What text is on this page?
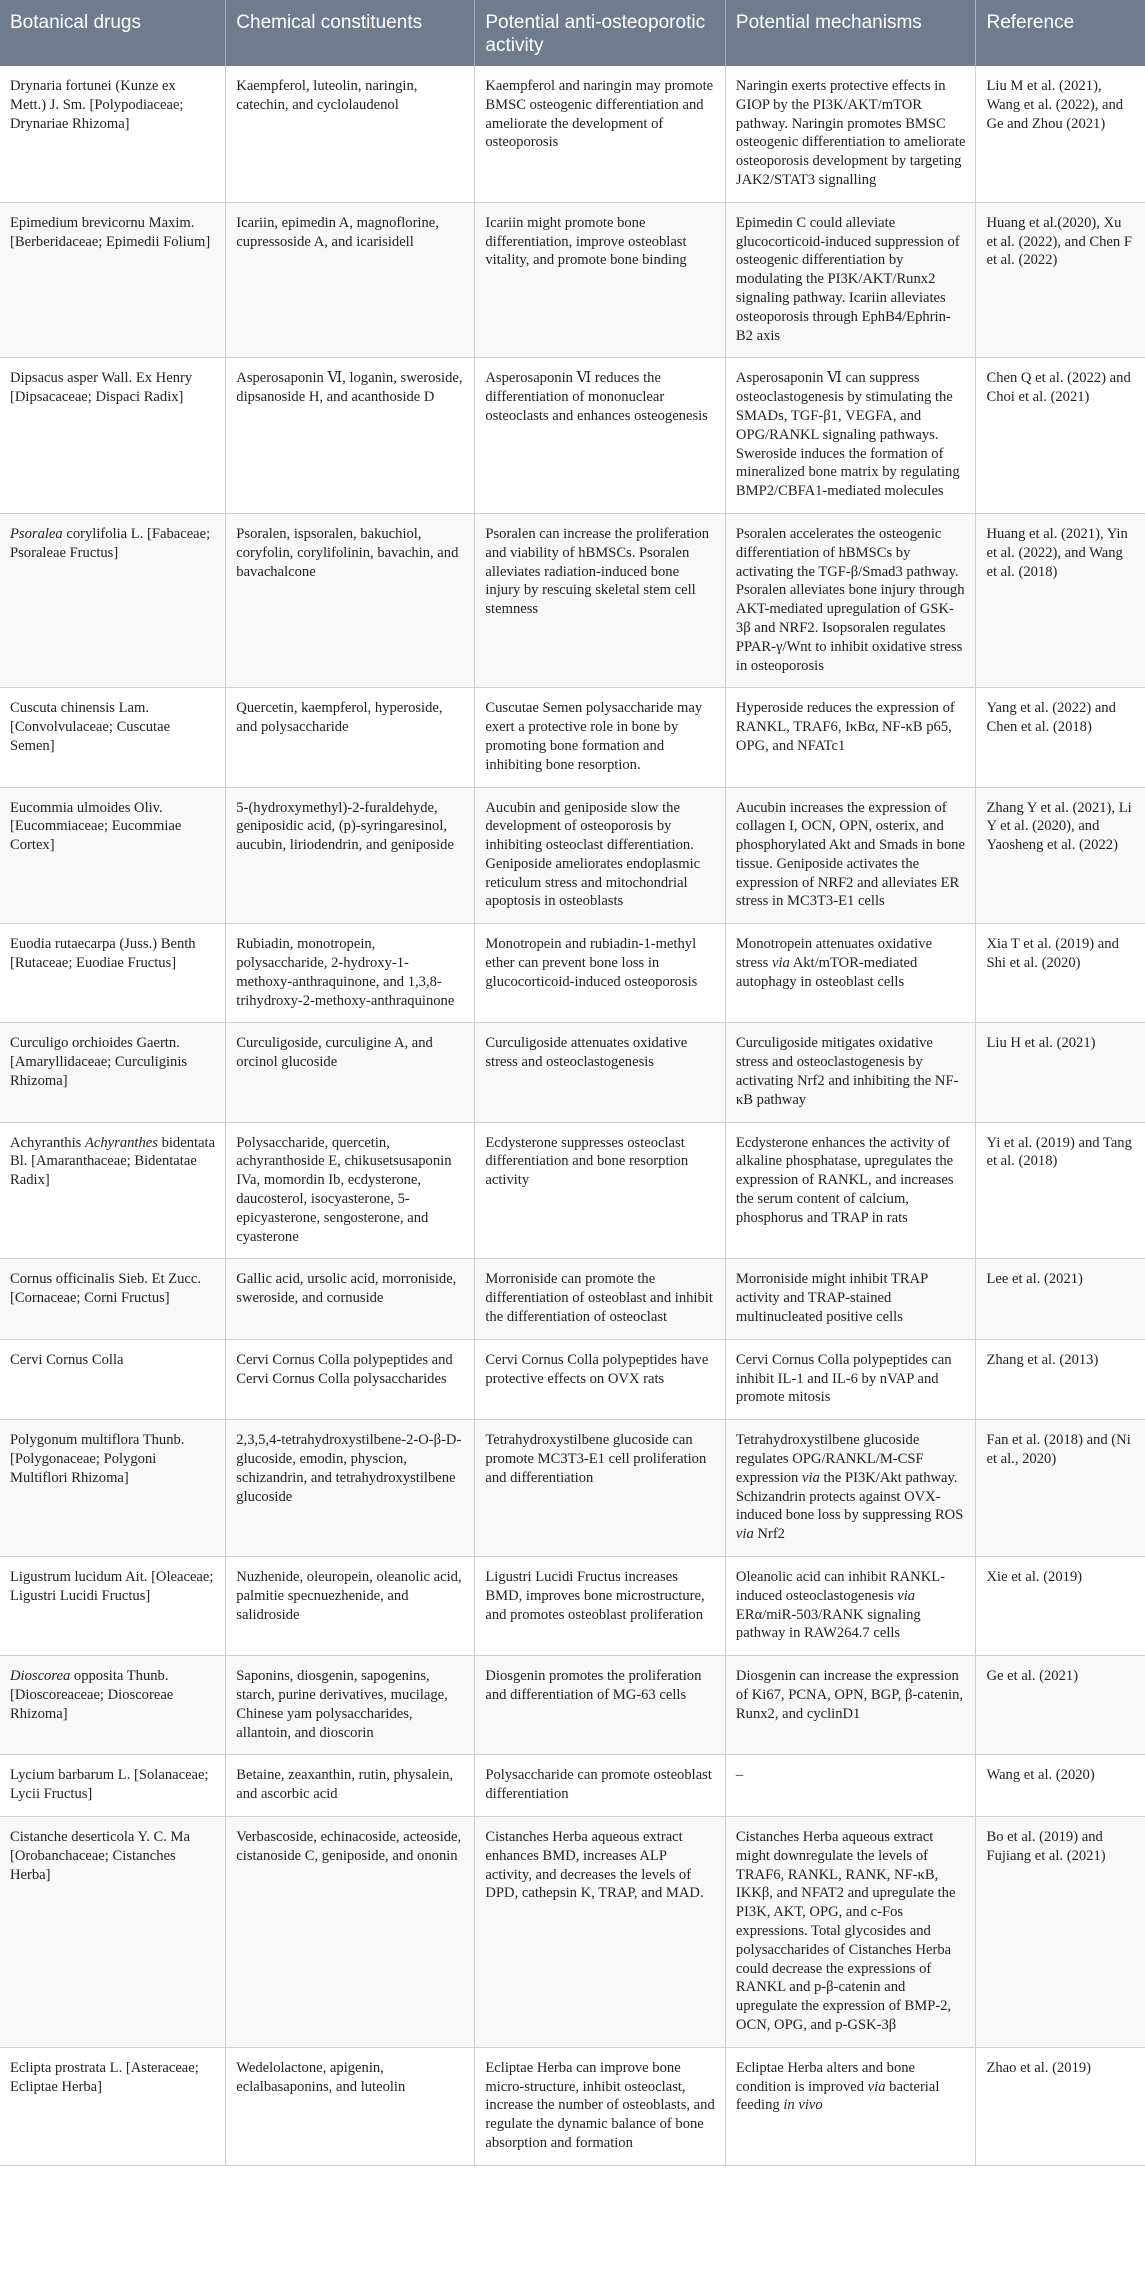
Botanical drugs	Chemical constituents	Potential anti-osteoporotic activity	Potential mechanisms	Reference
Drynaria fortunei (Kunze ex Mett.) J. Sm. [Polypodiaceae; Drynariae Rhizoma]	Kaempferol, luteolin, naringin, catechin, and cyclolaudenol	Kaempferol and naringin may promote BMSC osteogenic differentiation and ameliorate the development of osteoporosis	Naringin exerts protective effects in GIOP by the PI3K/AKT/mTOR pathway. Naringin promotes BMSC osteogenic differentiation to ameliorate osteoporosis development by targeting JAK2/STAT3 signalling	Liu M et al. (2021), Wang et al. (2022), and Ge and Zhou (2021)
Epimedium brevicornu Maxim. [Berberidaceae; Epimedii Folium]	Icariin, epimedin A, magnoflorine, cupressoside A, and icarisidell	Icariin might promote bone differentiation, improve osteoblast vitality, and promote bone binding	Epimedin C could alleviate glucocorticoid-induced suppression of osteogenic differentiation by modulating the PI3K/AKT/Runx2 signaling pathway. Icariin alleviates osteoporosis through EphB4/Ephrin-B2 axis	Huang et al.(2020), Xu et al. (2022), and Chen F et al. (2022)
Dipsacus asper Wall. Ex Henry [Dipsacaceae; Dispaci Radix]	Asperosaponin Ⅵ, loganin, sweroside, dipsanoside H, and acanthoside D	Asperosaponin Ⅵ reduces the differentiation of mononuclear osteoclasts and enhances osteogenesis	Asperosaponin Ⅵ can suppress osteoclastogenesis by stimulating the SMADs, TGF-β1, VEGFA, and OPG/RANKL signaling pathways. Sweroside induces the formation of mineralized bone matrix by regulating BMP2/CBFA1-mediated molecules	Chen Q et al. (2022) and Choi et al. (2021)
Psoralea corylifolia L. [Fabaceae; Psoraleae Fructus]	Psoralen, ispsoralen, bakuchiol, coryfolin, corylifolinin, bavachin, and bavachalcone	Psoralen can increase the proliferation and viability of hBMSCs. Psoralen alleviates radiation-induced bone injury by rescuing skeletal stem cell stemness	Psoralen accelerates the osteogenic differentiation of hBMSCs by activating the TGF-β/Smad3 pathway. Psoralen alleviates bone injury through AKT-mediated upregulation of GSK-3β and NRF2. Isopsoralen regulates PPAR-γ/Wnt to inhibit oxidative stress in osteoporosis	Huang et al. (2021), Yin et al. (2022), and Wang et al. (2018)
Cuscuta chinensis Lam. [Convolvulaceae; Cuscutae Semen]	Quercetin, kaempferol, hyperoside, and polysaccharide	Cuscutae Semen polysaccharide may exert a protective role in bone by promoting bone formation and inhibiting bone resorption.	Hyperoside reduces the expression of RANKL, TRAF6, IκBα, NF-κB p65, OPG, and NFATc1	Yang et al. (2022) and Chen et al. (2018)
Eucommia ulmoides Oliv. [Eucommiaceae; Eucommiae Cortex]	5-(hydroxymethyl)-2-furaldehyde, geniposidic acid, (p)-syringaresinol, aucubin, liriodendrin, and geniposide	Aucubin and geniposide slow the development of osteoporosis by inhibiting osteoclast differentiation. Geniposide ameliorates endoplasmic reticulum stress and mitochondrial apoptosis in osteoblasts	Aucubin increases the expression of collagen I, OCN, OPN, osterix, and phosphorylated Akt and Smads in bone tissue. Geniposide activates the expression of NRF2 and alleviates ER stress in MC3T3-E1 cells	Zhang Y et al. (2021), Li Y et al. (2020), and Yaosheng et al. (2022)
Euodia rutaecarpa (Juss.) Benth [Rutaceae; Euodiae Fructus]	Rubiadin, monotropein, polysaccharide, 2-hydroxy-1-methoxy-anthraquinone, and 1,3,8-trihydroxy-2-methoxy-anthraquinone	Monotropein and rubiadin-1-methyl ether can prevent bone loss in glucocorticoid-induced osteoporosis	Monotropein attenuates oxidative stress via Akt/mTOR-mediated autophagy in osteoblast cells	Xia T et al. (2019) and Shi et al. (2020)
Curculigo orchioides Gaertn. [Amaryllidaceae; Curculiginis Rhizoma]	Curculigoside, curculigine A, and orcinol glucoside	Curculigoside attenuates oxidative stress and osteoclastogenesis	Curculigoside mitigates oxidative stress and osteoclastogenesis by activating Nrf2 and inhibiting the NF-κB pathway	Liu H et al. (2021)
Achyranthis Achyranthes bidentata Bl. [Amaranthaceae; Bidentatae Radix]	Polysaccharide, quercetin, achyranthoside E, chikusetsusaponin IVa, momordin Ib, ecdysterone, daucosterol, isocyasterone, 5-epicyasterone, sengosterone, and cyasterone	Ecdysterone suppresses osteoclast differentiation and bone resorption activity	Ecdysterone enhances the activity of alkaline phosphatase, upregulates the expression of RANKL, and increases the serum content of calcium, phosphorus and TRAP in rats	Yi et al. (2019) and Tang et al. (2018)
Cornus officinalis Sieb. Et Zucc. [Cornaceae; Corni Fructus]	Gallic acid, ursolic acid, morroniside, sweroside, and cornuside	Morroniside can promote the differentiation of osteoblast and inhibit the differentiation of osteoclast	Morroniside might inhibit TRAP activity and TRAP-stained multinucleated positive cells	Lee et al. (2021)
Cervi Cornus Colla	Cervi Cornus Colla polypeptides and Cervi Cornus Colla polysaccharides	Cervi Cornus Colla polypeptides have protective effects on OVX rats	Cervi Cornus Colla polypeptides can inhibit IL-1 and IL-6 by nVAP and promote mitosis	Zhang et al. (2013)
Polygonum multiflora Thunb. [Polygonaceae; Polygoni Multiflori Rhizoma]	2,3,5,4-tetrahydroxystilbene-2-O-β-D-glucoside, emodin, physcion, schizandrin, and tetrahydroxystilbene glucoside	Tetrahydroxystilbene glucoside can promote MC3T3-E1 cell proliferation and differentiation	Tetrahydroxystilbene glucoside regulates OPG/RANKL/M-CSF expression via the PI3K/Akt pathway. Schizandrin protects against OVX-induced bone loss by suppressing ROS via Nrf2	Fan et al. (2018) and (Ni et al., 2020)
Ligustrum lucidum Ait. [Oleaceae; Ligustri Lucidi Fructus]	Nuzhenide, oleuropein, oleanolic acid, palmitie specnuezhenide, and salidroside	Ligustri Lucidi Fructus increases BMD, improves bone microstructure, and promotes osteoblast proliferation	Oleanolic acid can inhibit RANKL-induced osteoclastogenesis via ERα/miR-503/RANK signaling pathway in RAW264.7 cells	Xie et al. (2019)
Dioscorea opposita Thunb. [Dioscoreaceae; Dioscoreae Rhizoma]	Saponins, diosgenin, sapogenins, starch, purine derivatives, mucilage, Chinese yam polysaccharides, allantoin, and dioscorin	Diosgenin promotes the proliferation and differentiation of MG-63 cells	Diosgenin can increase the expression of Ki67, PCNA, OPN, BGP, β-catenin, Runx2, and cyclinD1	Ge et al. (2021)
Lycium barbarum L. [Solanaceae; Lycii Fructus]	Betaine, zeaxanthin, rutin, physalein, and ascorbic acid	Polysaccharide can promote osteoblast differentiation	–	Wang et al. (2020)
Cistanche deserticola Y. C. Ma [Orobanchaceae; Cistanches Herba]	Verbascoside, echinacoside, acteoside, cistanoside C, geniposide, and ononin	Cistanches Herba aqueous extract enhances BMD, increases ALP activity, and decreases the levels of DPD, cathepsin K, TRAP, and MAD.	Cistanches Herba aqueous extract might downregulate the levels of TRAF6, RANKL, RANK, NF-κB, IKKβ, and NFAT2 and upregulate the PI3K, AKT, OPG, and c-Fos expressions. Total glycosides and polysaccharides of Cistanches Herba could decrease the expressions of RANKL and p-β-catenin and upregulate the expression of BMP-2, OCN, OPG, and p-GSK-3β	Bo et al. (2019) and Fujiang et al. (2021)
Eclipta prostrata L. [Asteraceae; Ecliptae Herba]	Wedelolactone, apigenin, eclalbasaponins, and luteolin	Ecliptae Herba can improve bone micro-structure, inhibit osteoclast, increase the number of osteoblasts, and regulate the dynamic balance of bone absorption and formation	Ecliptae Herba alters and bone condition is improved via bacterial feeding in vivo	Zhao et al. (2019)
